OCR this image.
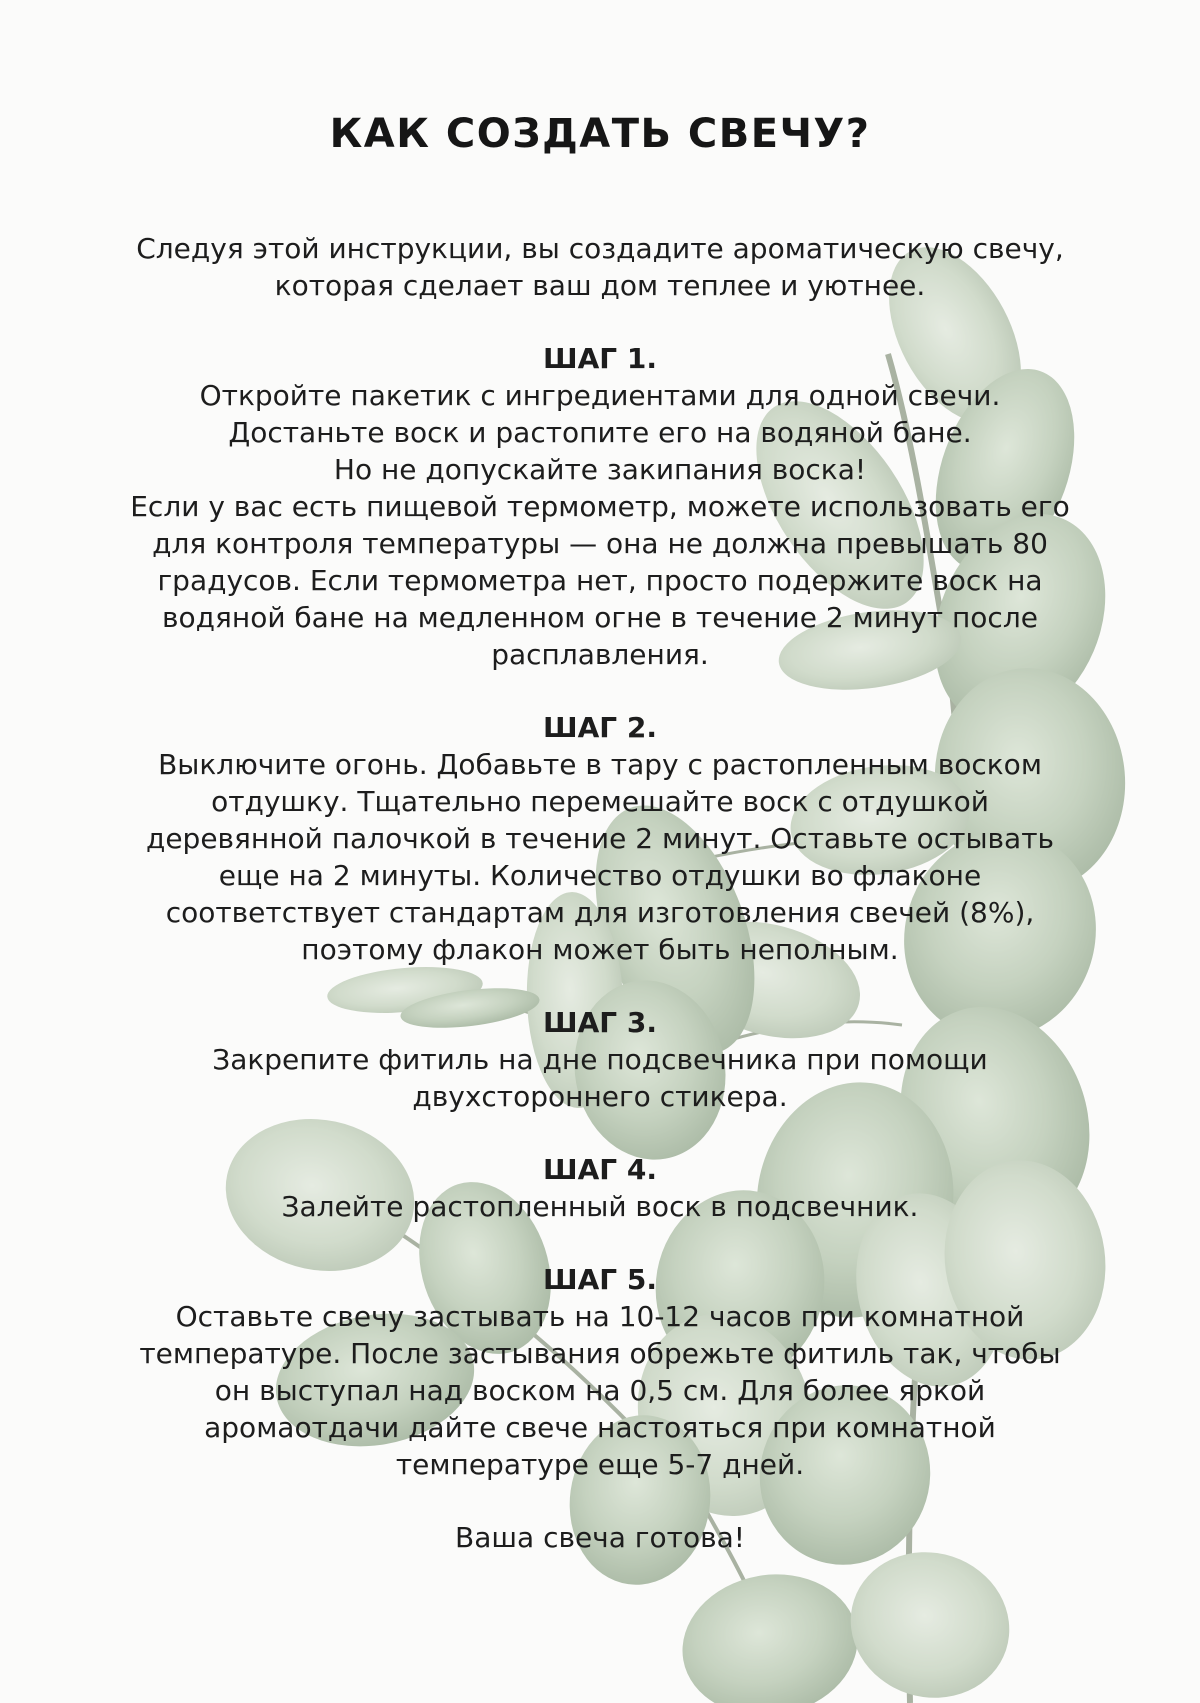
КАК СОЗДАТЬ СВЕЧУ?

Следуя этой инструкции, вы создадите ароматическую свечу,
которая сделает ваш дом теплее и уютнее.

ШАГ 1.
Откройте пакетик с ингредиентами для одной свечи.
Достаньте воск и растопите его на водяной бане.
Но не допускайте закипания воска!
Если у вас есть пищевой термометр, можете использовать его
для контроля температуры — она не должна превышать 80
градусов. Если термометра нет, просто подержите воск на
водяной бане на медленном огне в течение 2 минут после
расплавления.
ШАГ 2.
Выключите огонь. Добавьте в тару с растопленным воском
отдушку. Тщательно перемешайте воск с отдушкой
деревянной палочкой в течение 2 минут. Оставьте остывать
еще на 2 минуты. Количество отдушки во флаконе
соответствует стандартам для изготовления свечей (8%),
поэтому флакон может быть неполным.
ШАГ 3.
Закрепите фитиль на дне подсвечника при помощи
двухстороннего стикера.
ШАГ 4.
Залейте растопленный воск в подсвечник.
ШАГ 5.
Оставьте свечу застывать на 10-12 часов при комнатной
температуре. После застывания обрежьте фитиль так, чтобы
он выступал над воском на 0,5 см. Для более яркой
аромаотдачи дайте свече настояться при комнатной
температуре еще 5-7 дней.

Ваша свеча готова!
